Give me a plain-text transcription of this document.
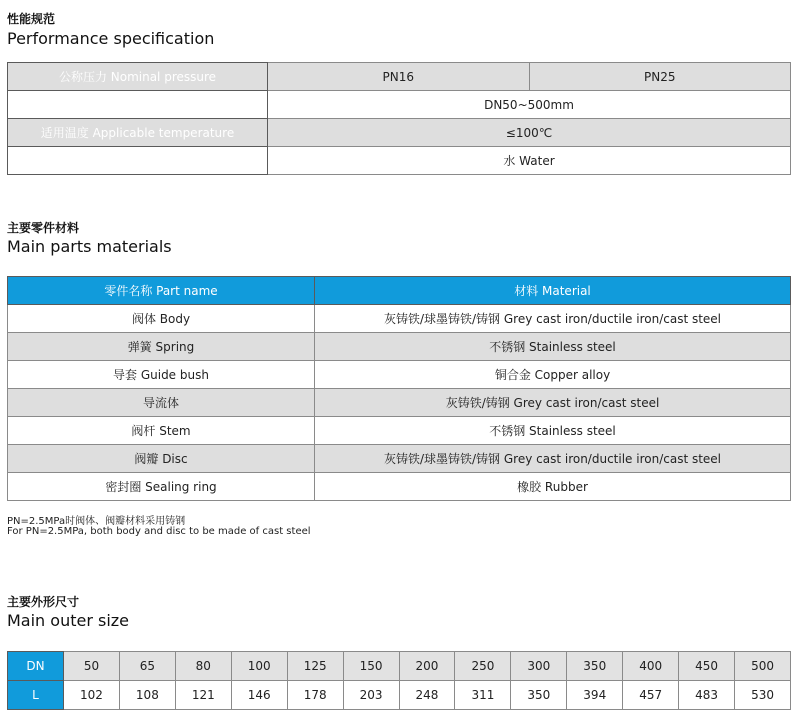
性能规范
Performance specification
公称压力 Nominal pressure	PN16	PN25
公称通径 Nominal diameter	DN50~500mm	
适用温度 Applicable temperature	≤100℃	
适用介质 Applicable medium	水 Water	
主要零件材料
Main parts materials
零件名称 Part name	材料 Material
阀体 Body	灰铸铁/球墨铸铁/铸钢 Grey cast iron/ductile iron/cast steel
弹簧 Spring	不锈钢 Stainless steel
导套 Guide bush	铜合金 Copper alloy
导流体	灰铸铁/铸钢 Grey cast iron/cast steel
阀杆 Stem	不锈钢 Stainless steel
阀瓣 Disc	灰铸铁/球墨铸铁/铸钢 Grey cast iron/ductile iron/cast steel
密封圈 Sealing ring	橡胶 Rubber
PN=2.5MPa时阀体、阀瓣材料采用铸钢
For PN=2.5MPa, both body and disc to be made of cast steel
主要外形尺寸
Main outer size
DN	50	65	80	100	125	150	200	250	300	350	400	450	500
L	102	108	121	146	178	203	248	311	350	394	457	483	530
